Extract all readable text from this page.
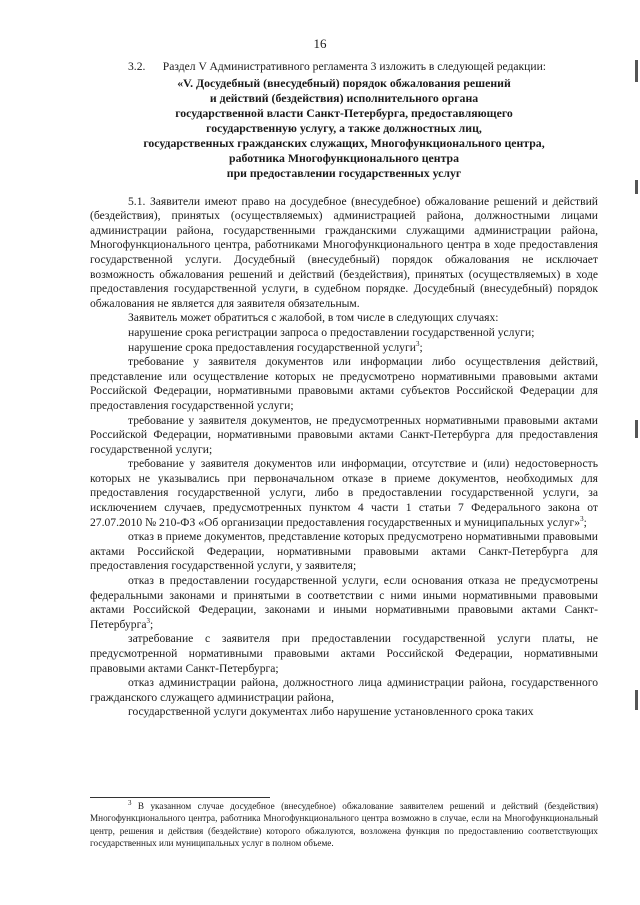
16

3.2.      Раздел V Административного регламента 3 изложить в следующей редакции:

«V. Досудебный (внесудебный) порядок обжалования решений
и действий (бездействия) исполнительного органа
государственной власти Санкт-Петербурга, предоставляющего
государственную услугу, а также должностных лиц,
государственных гражданских служащих, Многофункционального центра,
работника Многофункционального центра
при предоставлении государственных услуг

5.1. Заявители имеют право на досудебное (внесудебное) обжалование решений и действий (бездействия), принятых (осуществляемых) администрацией района, должностными лицами администрации района, государственными гражданскими служащими администрации района, Многофункционального центра, работниками Многофункционального центра в ходе предоставления государственной услуги. Досудебный (внесудебный) порядок обжалования не исключает возможность обжалования решений и действий (бездействия), принятых (осуществляемых) в ходе предоставления государственной услуги, в судебном порядке. Досудебный (внесудебный) порядок обжалования не является для заявителя обязательным.

Заявитель может обратиться с жалобой, в том числе в следующих случаях:

нарушение срока регистрации запроса о предоставлении государственной услуги;

нарушение срока предоставления государственной услуги$^3$;

требование у заявителя документов или информации либо осуществления действий, представление или осуществление которых не предусмотрено нормативными правовыми актами Российской Федерации, нормативными правовыми актами субъектов Российской Федерации для предоставления государственной услуги;

требование у заявителя документов, не предусмотренных нормативными правовыми актами Российской Федерации, нормативными правовыми актами Санкт-Петербурга для предоставления государственной услуги;

требование у заявителя документов или информации, отсутствие и (или) недостоверность которых не указывались при первоначальном отказе в приеме документов, необходимых для предоставления государственной услуги, либо в предоставлении государственной услуги, за исключением случаев, предусмотренных пунктом 4 части 1 статьи 7 Федерального закона от 27.07.2010 № 210-ФЗ «Об организации предоставления государственных и муниципальных услуг»$^3$;

отказ в приеме документов, представление которых предусмотрено нормативными правовыми актами Российской Федерации, нормативными правовыми актами Санкт-Петербурга для предоставления государственной услуги, у заявителя;

отказ в предоставлении государственной услуги, если основания отказа не предусмотрены федеральными законами и принятыми в соответствии с ними иными нормативными правовыми актами Российской Федерации, законами и иными нормативными правовыми актами Санкт-Петербурга$^3$;

затребование с заявителя при предоставлении государственной услуги платы, не предусмотренной нормативными правовыми актами Российской Федерации, нормативными правовыми актами Санкт-Петербурга;

отказ администрации района, должностного лица администрации района, государственного гражданского служащего администрации района,

государственной услуги документах либо нарушение установленного срока таких

$^3$ В указанном случае досудебное (внесудебное) обжалование заявителем решений и действий (бездействия) Многофункционального центра, работника Многофункционального центра возможно в случае, если на Многофункциональный центр, решения и действия (бездействие) которого обжалуются, возложена функция по предоставлению соответствующих государственных или муниципальных услуг в полном объеме.
